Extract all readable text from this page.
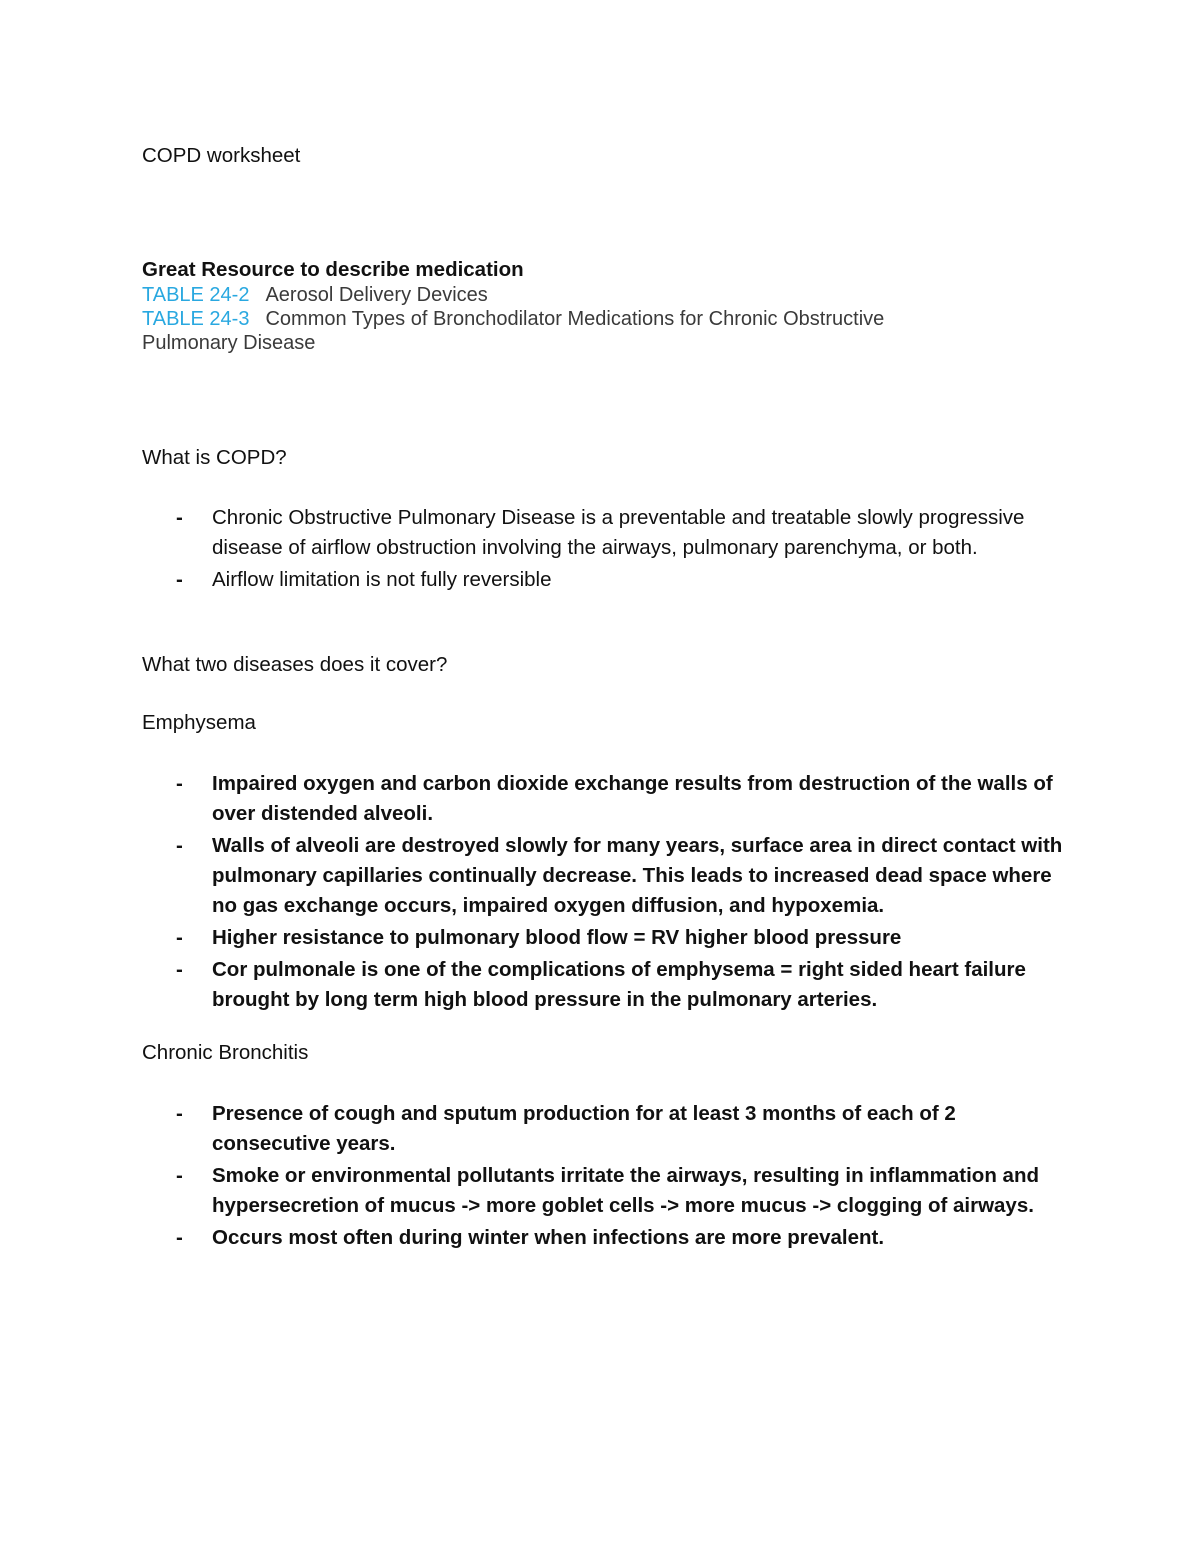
COPD worksheet
Great Resource to describe medication
TABLE 24-2 Aerosol Delivery Devices
TABLE 24-3 Common Types of Bronchodilator Medications for Chronic Obstructive
Pulmonary Disease
What is COPD?
- Chronic Obstructive Pulmonary Disease is a preventable and treatable slowly progressive disease of airflow obstruction involving the airways, pulmonary parenchyma, or both.
- Airflow limitation is not fully reversible
What two diseases does it cover?
Emphysema
- Impaired oxygen and carbon dioxide exchange results from destruction of the walls of over distended alveoli.
- Walls of alveoli are destroyed slowly for many years, surface area in direct contact with pulmonary capillaries continually decrease. This leads to increased dead space where no gas exchange occurs, impaired oxygen diffusion, and hypoxemia.
- Higher resistance to pulmonary blood flow = RV higher blood pressure
- Cor pulmonale is one of the complications of emphysema = right sided heart failure brought by long term high blood pressure in the pulmonary arteries.
Chronic Bronchitis
- Presence of cough and sputum production for at least 3 months of each of 2 consecutive years.
- Smoke or environmental pollutants irritate the airways, resulting in inflammation and hypersecretion of mucus -> more goblet cells -> more mucus -> clogging of airways.
- Occurs most often during winter when infections are more prevalent.
